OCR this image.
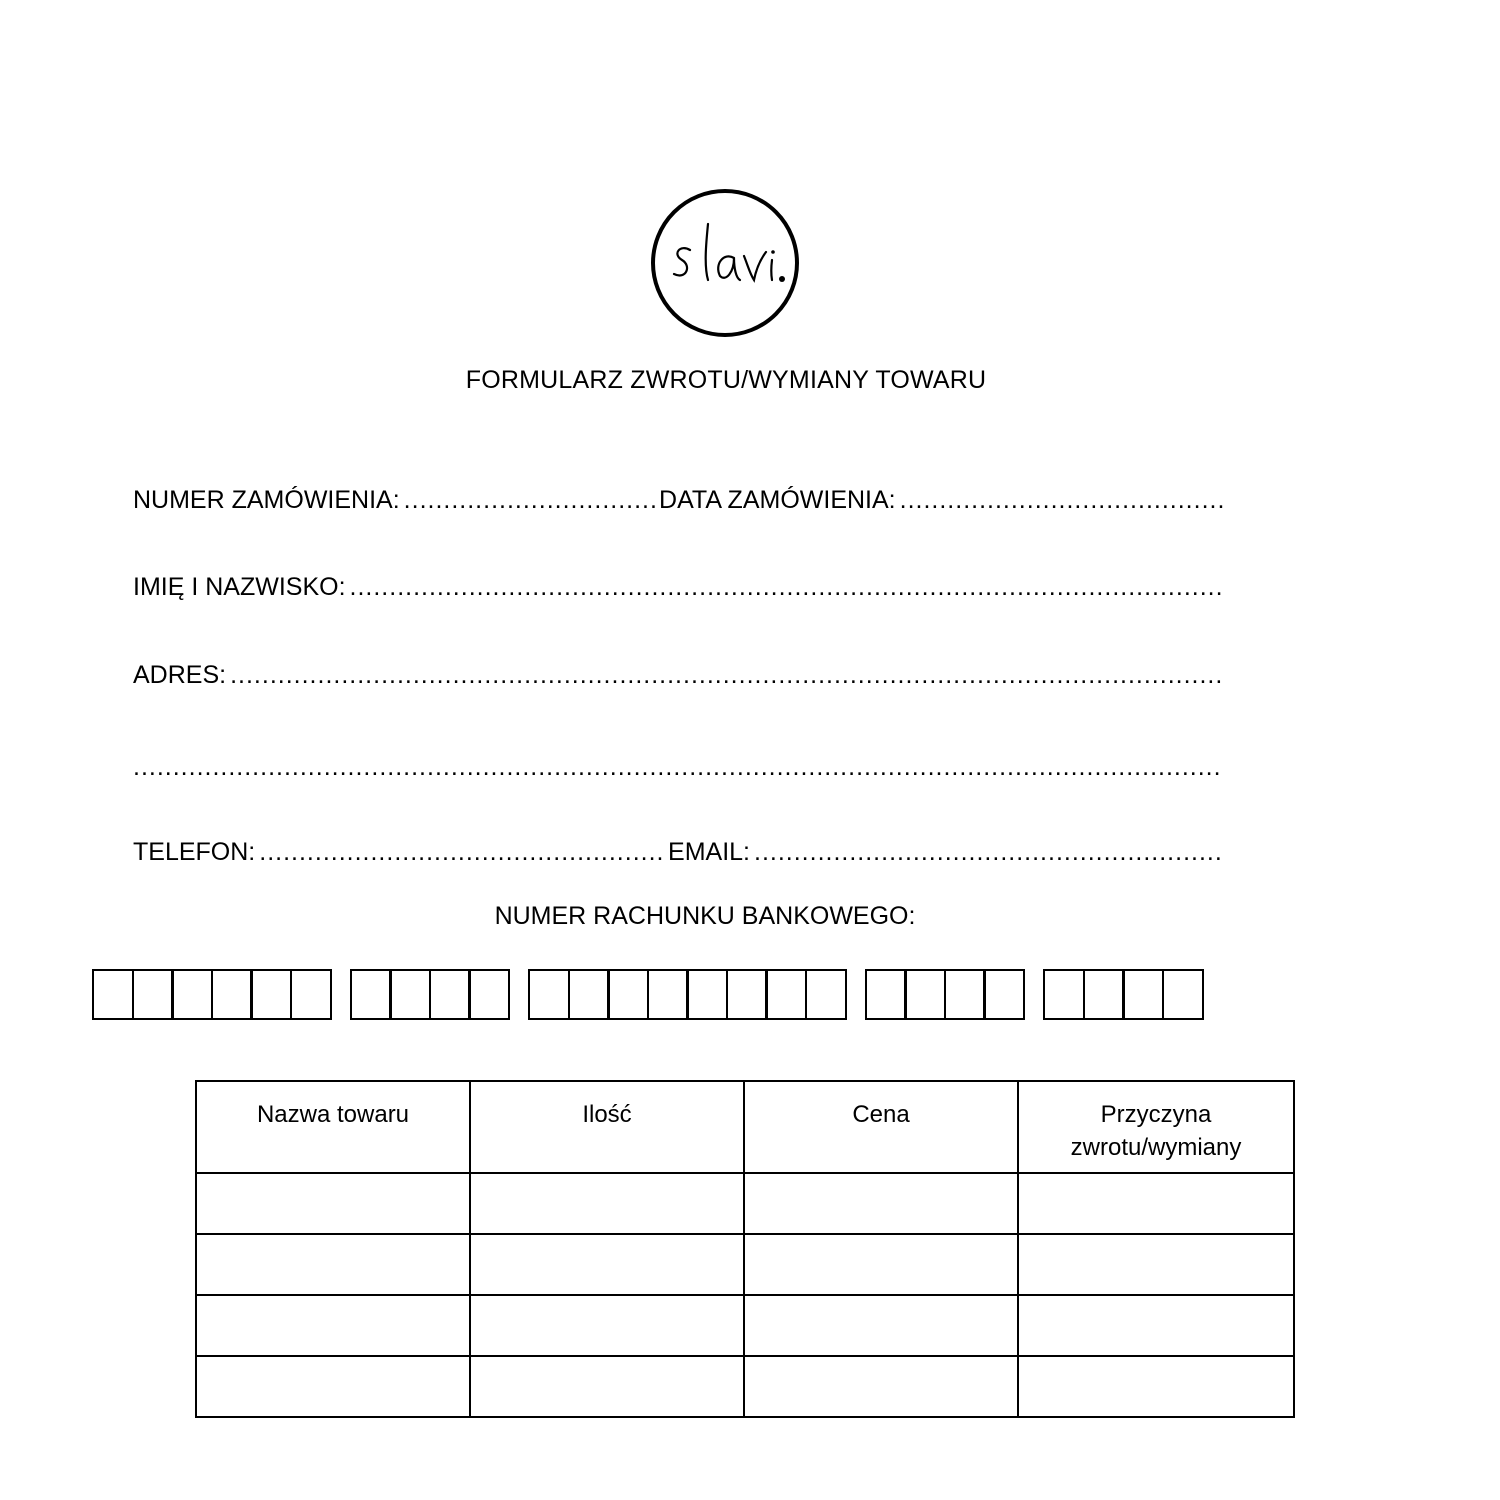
FORMULARZ ZWROTU/WYMIANY TOWARU
NUMER ZAMÓWIENIA: .....	DATA ZAMÓWIENIA:
.....
IMIĘ I NAZWISKO:
.....
ADRES:
.....
.....
TELEFON: .....	EMAIL:
.....
NUMER RACHUNKU BANKOWEGO:
Nazwa towaru	Ilość	Cena	Przyczyna zwrotu/wymiany
